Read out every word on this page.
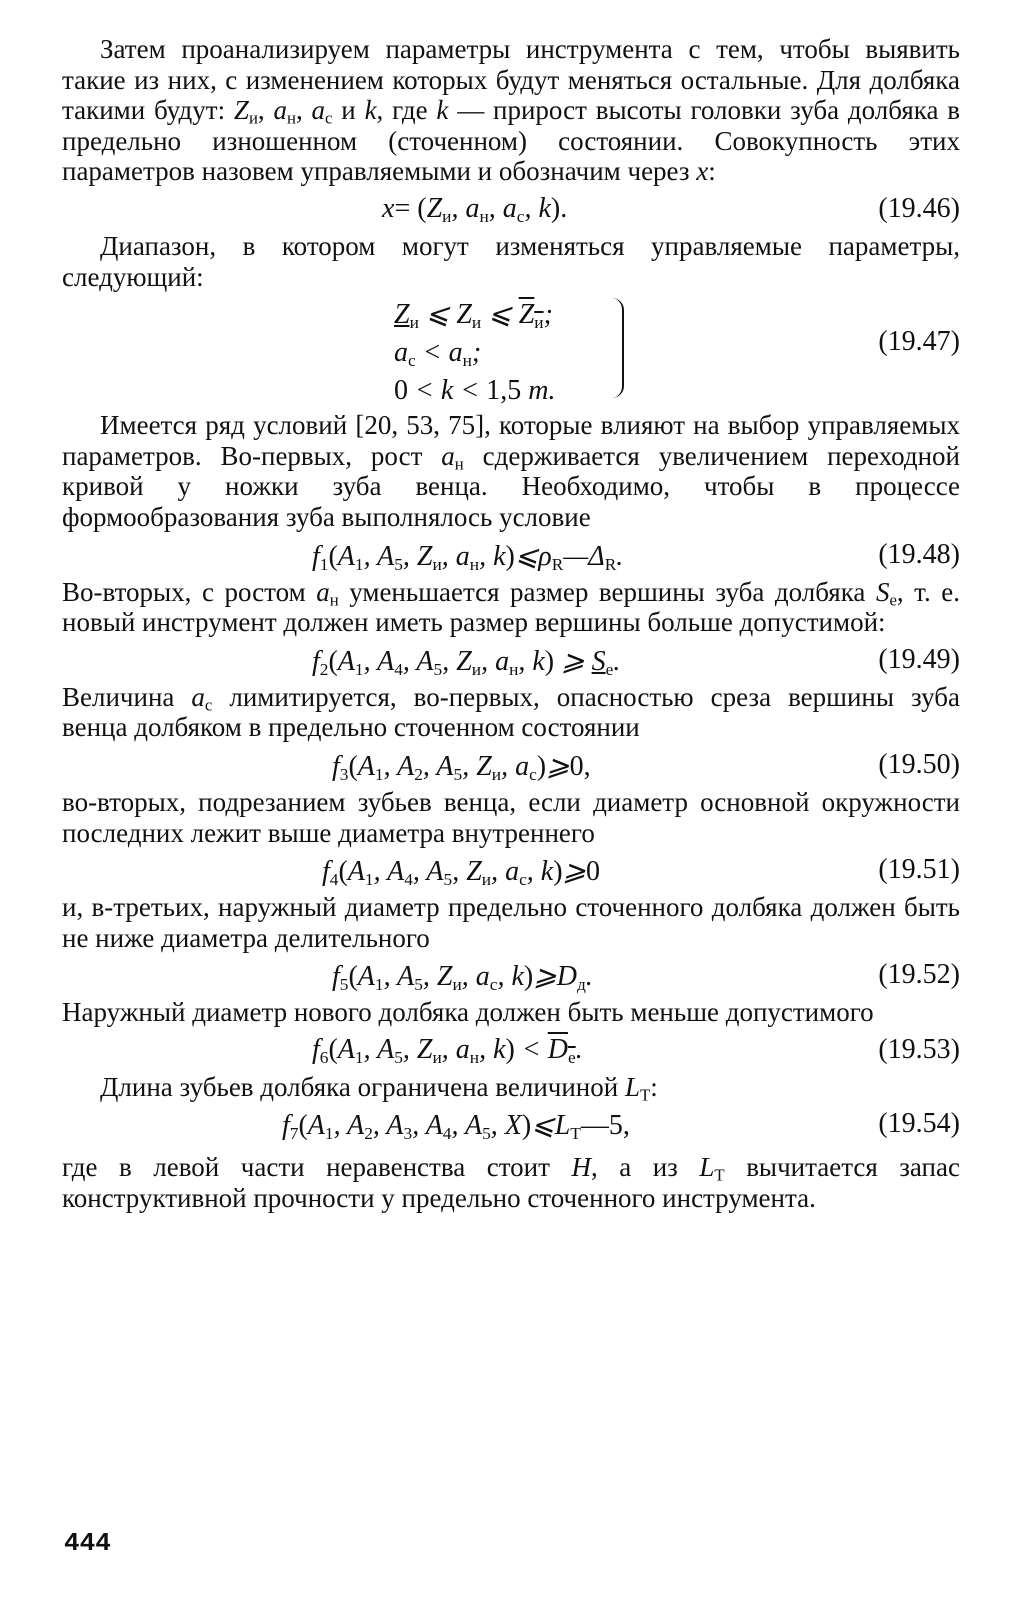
Затем проанализируем параметры инструмента с тем, чтобы выявить такие из них, с изменением которых будут меняться остальные. Для долбяка такими будут: $Z_и$, $a_н$, $a_с$ и k, где k — прирост высоты головки зуба долбяка в предельно изношенном (сточенном) состоянии. Совокупность этих параметров назовем управляемыми и обозначим через x:

$x= (Z_и$, $a_н$, $a_с$, k).	(19.46)

Диапазон, в котором могут изменяться управляемые параметры, следующий:

$Z_и$ ⩽ $Z_и$ ⩽ $Z_и$;
$a_с < a_н$;
0 < k < 1,5 m.
(19.47)

Имеется ряд условий [20, 53, 75], которые влияют на выбор управляемых параметров. Во-первых, рост $a_н$ сдерживается увеличением переходной кривой у ножки зуба венца. Необходимо, чтобы в процессе формообразования зуба выполнялось условие

$f_1(A_1$, $A_5$, $Z_и$, $a_н$, $k)⩽\rho_R—\Delta_R$.	(19.48)

Во-вторых, с ростом $a_н$ уменьшается размер вершины зуба долбяка $S_e$, т. е. новый инструмент должен иметь размер вершины больше допустимой:

$f_2(A_1$, $A_4$, $A_5$, $Z_и$, $a_н$, k) ⩾ $S_e$.	(19.49)

Величина $a_с$ лимитируется, во-первых, опасностью среза вершины зуба венца долбяком в предельно сточенном состоянии

$f_3(A_1$, $A_2$, $A_5$, $Z_и$, $a_с)⩾0$,	(19.50)

во-вторых, подрезанием зубьев венца, если диаметр основной окружности последних лежит выше диаметра внутреннего

$f_4(A_1$, $A_4$, $A_5$, $Z_и$, $a_с$, k)⩾0	(19.51)

и, в-третьих, наружный диаметр предельно сточенного долбяка должен быть не ниже диаметра делительного

$f_5(A_1$, $A_5$, $Z_и$, $a_с$, $k)⩾D_д$.	(19.52)

Наружный диаметр нового долбяка должен быть меньше допустимого

$f_6(A_1$, $A_5$, $Z_и$, $a_н$, $k) < D_e$.	(19.53)

Длина зубьев долбяка ограничена величиной $L_T$:

$f_7(A_1$, $A_2$, $A_3$, $A_4$, $A_5$, $X)⩽L_T—5$,	(19.54)

где в левой части неравенства стоит H, а из $L_T$ вычитается запас конструктивной прочности у предельно сточенного инструмента.

444
